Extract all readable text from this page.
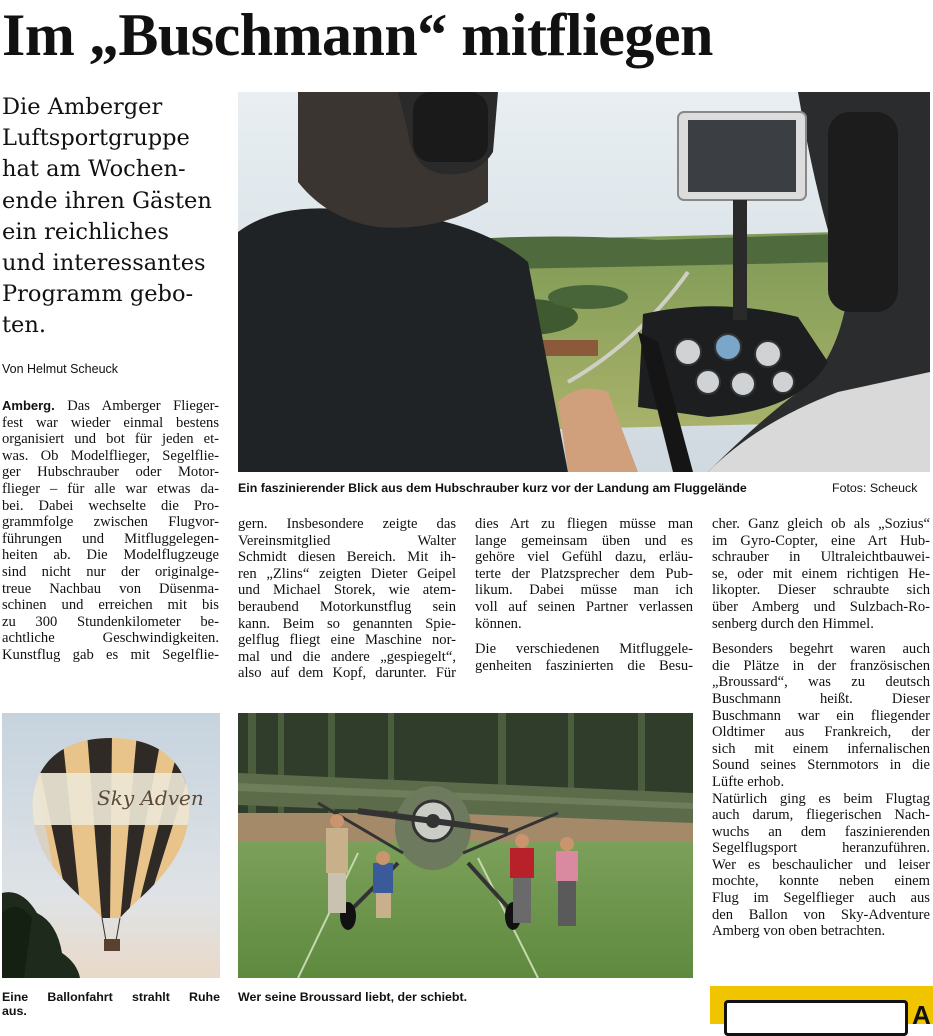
Im „Buschmann“ mitfliegen
Die Amberger
Luftsportgruppe
hat am Wochen-
ende ihren Gästen
ein reichliches
und interessantes
Programm gebo-
ten.
Von Helmut Scheuck
Ein faszinierender Blick aus dem Hubschrauber kurz vor der Landung am Fluggelände	Fotos: Scheuck
Amberg. Das Amberger Flieger-
fest war wieder einmal bestens
organisiert und bot für jeden et-
was. Ob Modelflieger, Segelflie-
ger Hubschrauber oder Motor-
flieger – für alle war etwas da-
bei. Dabei wechselte die Pro-
grammfolge zwischen Flugvor-
führungen und Mitfluggelegen-
heiten ab. Die Modelflugzeuge
sind nicht nur der originalge-
treue Nachbau von Düsenma-
schinen und erreichen mit bis
zu 300 Stundenkilometer be-
achtliche Geschwindigkeiten.
Kunstflug gab es mit Segelflie-
gern. Insbesondere zeigte das
Vereinsmitglied Walter
Schmidt diesen Bereich. Mit ih-
ren „Zlins“ zeigten Dieter Geipel
und Michael Storek, wie atem-
beraubend Motorkunstflug sein
kann. Beim so genannten Spie-
gelflug fliegt eine Maschine nor-
mal und die andere „gespiegelt“,
also auf dem Kopf, darunter. Für
dies Art zu fliegen müsse man
lange gemeinsam üben und es
gehöre viel Gefühl dazu, erläu-
terte der Platzsprecher dem Pub-
likum. Dabei müsse man ich
voll auf seinen Partner verlassen
können.
Die verschiedenen Mitfluggele-
genheiten faszinierten die Besu-
cher. Ganz gleich ob als „Sozius“
im Gyro-Copter, eine Art Hub-
schrauber in Ultraleichtbauwei-
se, oder mit einem richtigen He-
likopter. Dieser schraubte sich
über Amberg und Sulzbach-Ro-
senberg durch den Himmel.
Besonders begehrt waren auch
die Plätze in der französischen
„Broussard“, was zu deutsch
Buschmann heißt. Dieser
Buschmann war ein fliegender
Oldtimer aus Frankreich, der
sich mit einem infernalischen
Sound seines Sternmotors in die
Lüfte erhob.
Natürlich ging es beim Flugtag
auch darum, fliegerischen Nach-
wuchs an dem faszinierenden
Segelflugsport heranzuführen.
Wer es beschaulicher und leiser
mochte, konnte neben einem
Flug im Segelflieger auch aus
den Ballon von Sky-Adventure
Amberg von oben betrachten.
Sky Adven
Eine Ballonfahrt strahlt Ruhe
aus.
Wer seine Broussard liebt, der schiebt.
A
